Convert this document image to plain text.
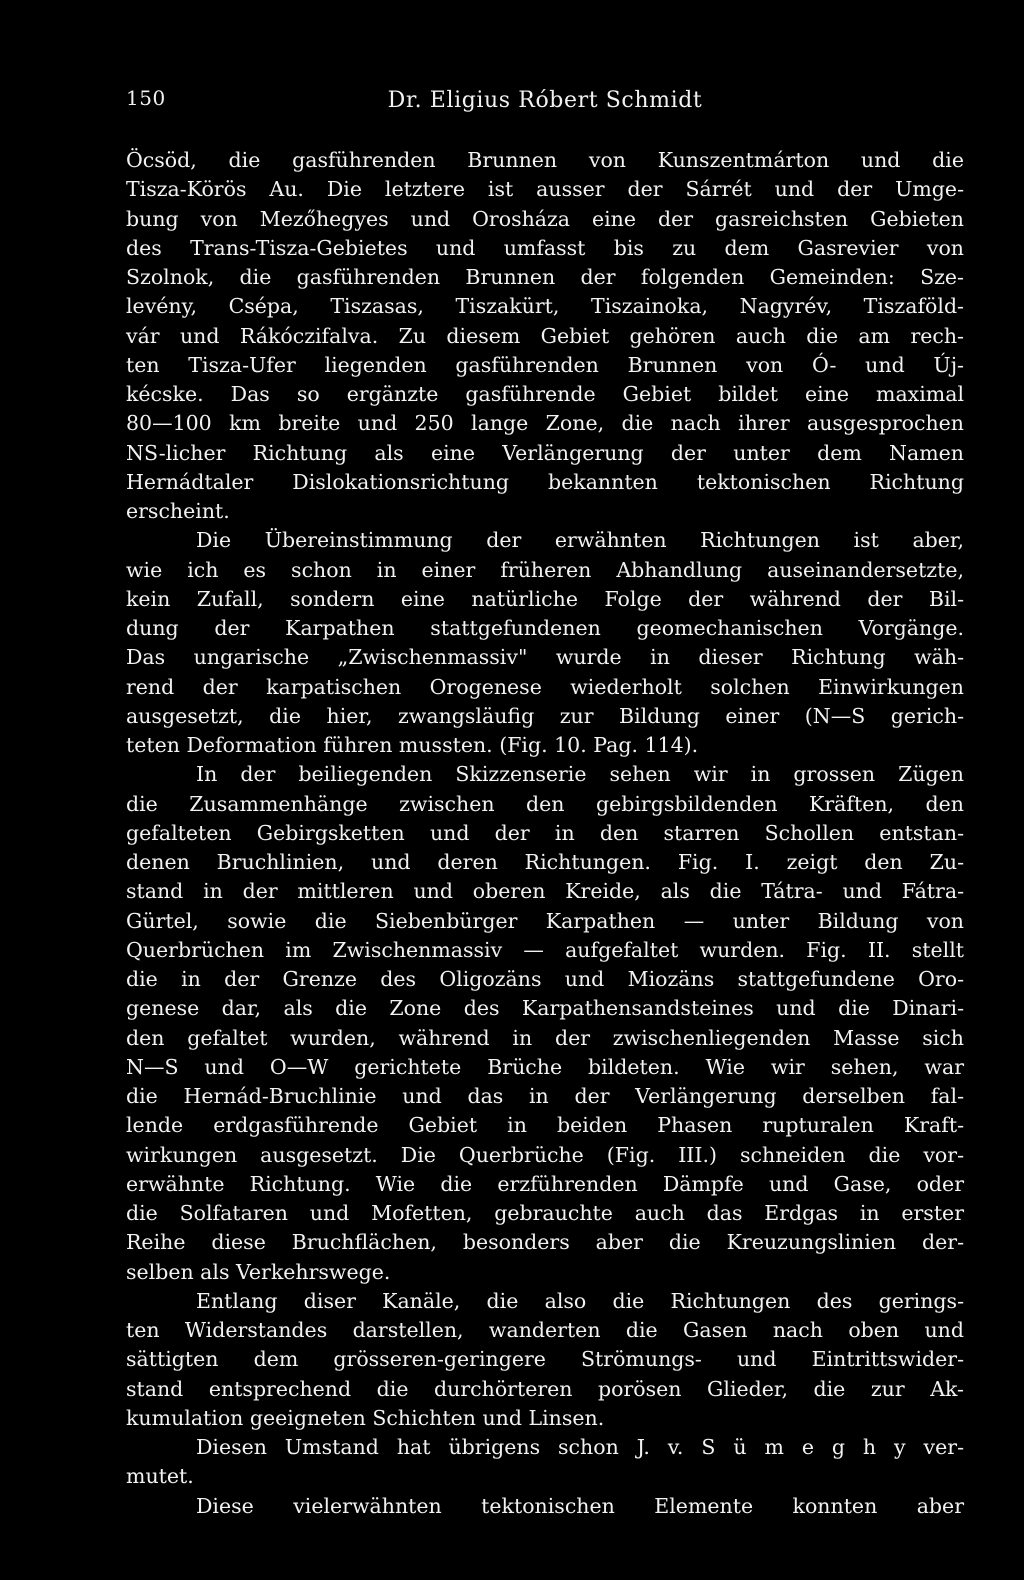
150	Dr. Eligius Róbert Schmidt
Öcsöd, die gasführenden Brunnen von Kunszentmárton und die
Tisza-Körös Au. Die letztere ist ausser der Sárrét und der Umge-
bung von Mezőhegyes und Orosháza eine der gasreichsten Gebieten
des Trans-Tisza-Gebietes und umfasst bis zu dem Gasrevier von
Szolnok, die gasführenden Brunnen der folgenden Gemeinden: Sze-
levény, Csépa, Tiszasas, Tiszakürt, Tiszainoka, Nagyrév, Tiszaföld-
vár und Rákóczifalva. Zu diesem Gebiet gehören auch die am rech-
ten Tisza-Ufer liegenden gasführenden Brunnen von Ó- und Új-
kécske. Das so ergänzte gasführende Gebiet bildet eine maximal
80—100 km breite und 250 lange Zone, die nach ihrer ausgesprochen
NS-licher Richtung als eine Verlängerung der unter dem Namen
Hernádtaler Dislokationsrichtung bekannten tektonischen Richtung
erscheint.
Die Übereinstimmung der erwähnten Richtungen ist aber,
wie ich es schon in einer früheren Abhandlung auseinandersetzte,
kein Zufall, sondern eine natürliche Folge der während der Bil-
dung der Karpathen stattgefundenen geomechanischen Vorgänge.
Das ungarische „Zwischenmassiv" wurde in dieser Richtung wäh-
rend der karpatischen Orogenese wiederholt solchen Einwirkungen
ausgesetzt, die hier, zwangsläufig zur Bildung einer (N—S gerich-
teten Deformation führen mussten. (Fig. 10. Pag. 114).
In der beiliegenden Skizzenserie sehen wir in grossen Zügen
die Zusammenhänge zwischen den gebirgsbildenden Kräften, den
gefalteten Gebirgsketten und der in den starren Schollen entstan-
denen Bruchlinien, und deren Richtungen. Fig. I. zeigt den Zu-
stand in der mittleren und oberen Kreide, als die Tátra- und Fátra-
Gürtel, sowie die Siebenbürger Karpathen — unter Bildung von
Querbrüchen im Zwischenmassiv — aufgefaltet wurden. Fig. II. stellt
die in der Grenze des Oligozäns und Miozäns stattgefundene Oro-
genese dar, als die Zone des Karpathensandsteines und die Dinari-
den gefaltet wurden, während in der zwischenliegenden Masse sich
N—S und O—W gerichtete Brüche bildeten. Wie wir sehen, war
die Hernád-Bruchlinie und das in der Verlängerung derselben fal-
lende erdgasführende Gebiet in beiden Phasen rupturalen Kraft-
wirkungen ausgesetzt. Die Querbrüche (Fig. III.) schneiden die vor-
erwähnte Richtung. Wie die erzführenden Dämpfe und Gase, oder
die Solfataren und Mofetten, gebrauchte auch das Erdgas in erster
Reihe diese Bruchflächen, besonders aber die Kreuzungslinien der-
selben als Verkehrswege.
Entlang diser Kanäle, die also die Richtungen des gerings-
ten Widerstandes darstellen, wanderten die Gasen nach oben und
sättigten dem grösseren-geringere Strömungs- und Eintrittswider-
stand entsprechend die durchörteren porösen Glieder, die zur Ak-
kumulation geeigneten Schichten und Linsen.
Diesen Umstand hat übrigens schon J. v. S ü m e g h y ver-
mutet.
Diese vielerwähnten tektonischen Elemente konnten aber
